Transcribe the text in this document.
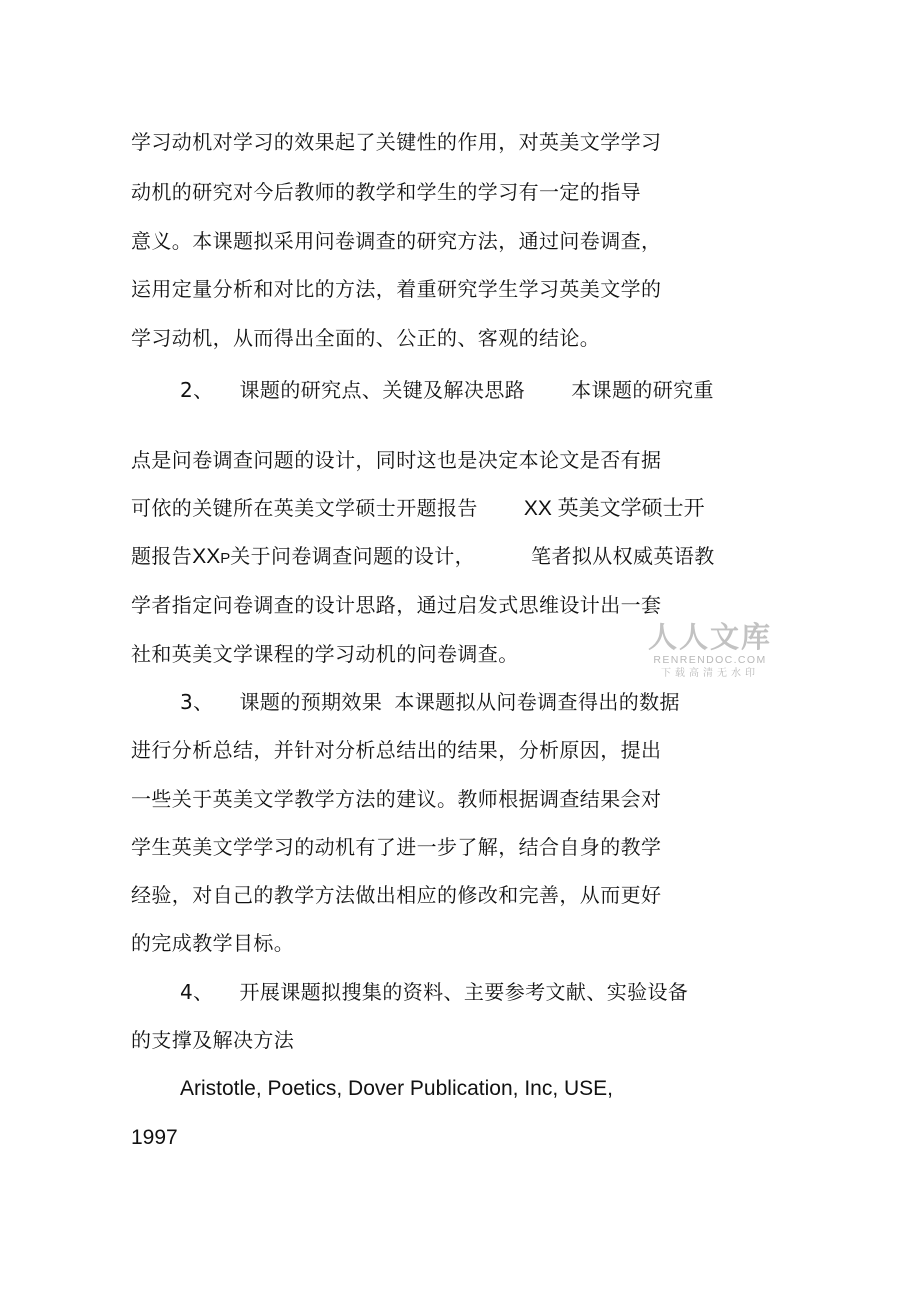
学习动机对学习的效果起了关键性的作用，对英美文学学习
动机的研究对今后教师的教学和学生的学习有一定的指导
意义。本课题拟采用问卷调查的研究方法，通过问卷调查，
运用定量分析和对比的方法，着重研究学生学习英美文学的
学习动机，从而得出全面的、公正的、客观的结论。
2、 课题的研究点、关键及解决思路 本课题的研究重
点是问卷调查问题的设计，同时这也是决定本论文是否有据
可依的关键所在英美文学硕士开题报告 XX 英美文学硕士开
题报告XXP关于问卷调查问题的设计，	笔者拟从权威英语教
学者指定问卷调查的设计思路，通过启发式思维设计出一套
社和英美文学课程的学习动机的问卷调查。	人人文库
RENRENDOC.COM
下载高清无水印
3、 课题的预期效果 本课题拟从问卷调查得出的数据
进行分析总结，并针对分析总结出的结果，分析原因，提出
一些关于英美文学教学方法的建议。教师根据调查结果会对
学生英美文学学习的动机有了进一步了解，结合自身的教学
经验，对自己的教学方法做出相应的修改和完善，从而更好
的完成教学目标。
4、 开展课题拟搜集的资料、主要参考文献、实验设备
的支撑及解决方法
Aristotle, Poetics, Dover Publication, Inc, USE,
1997
